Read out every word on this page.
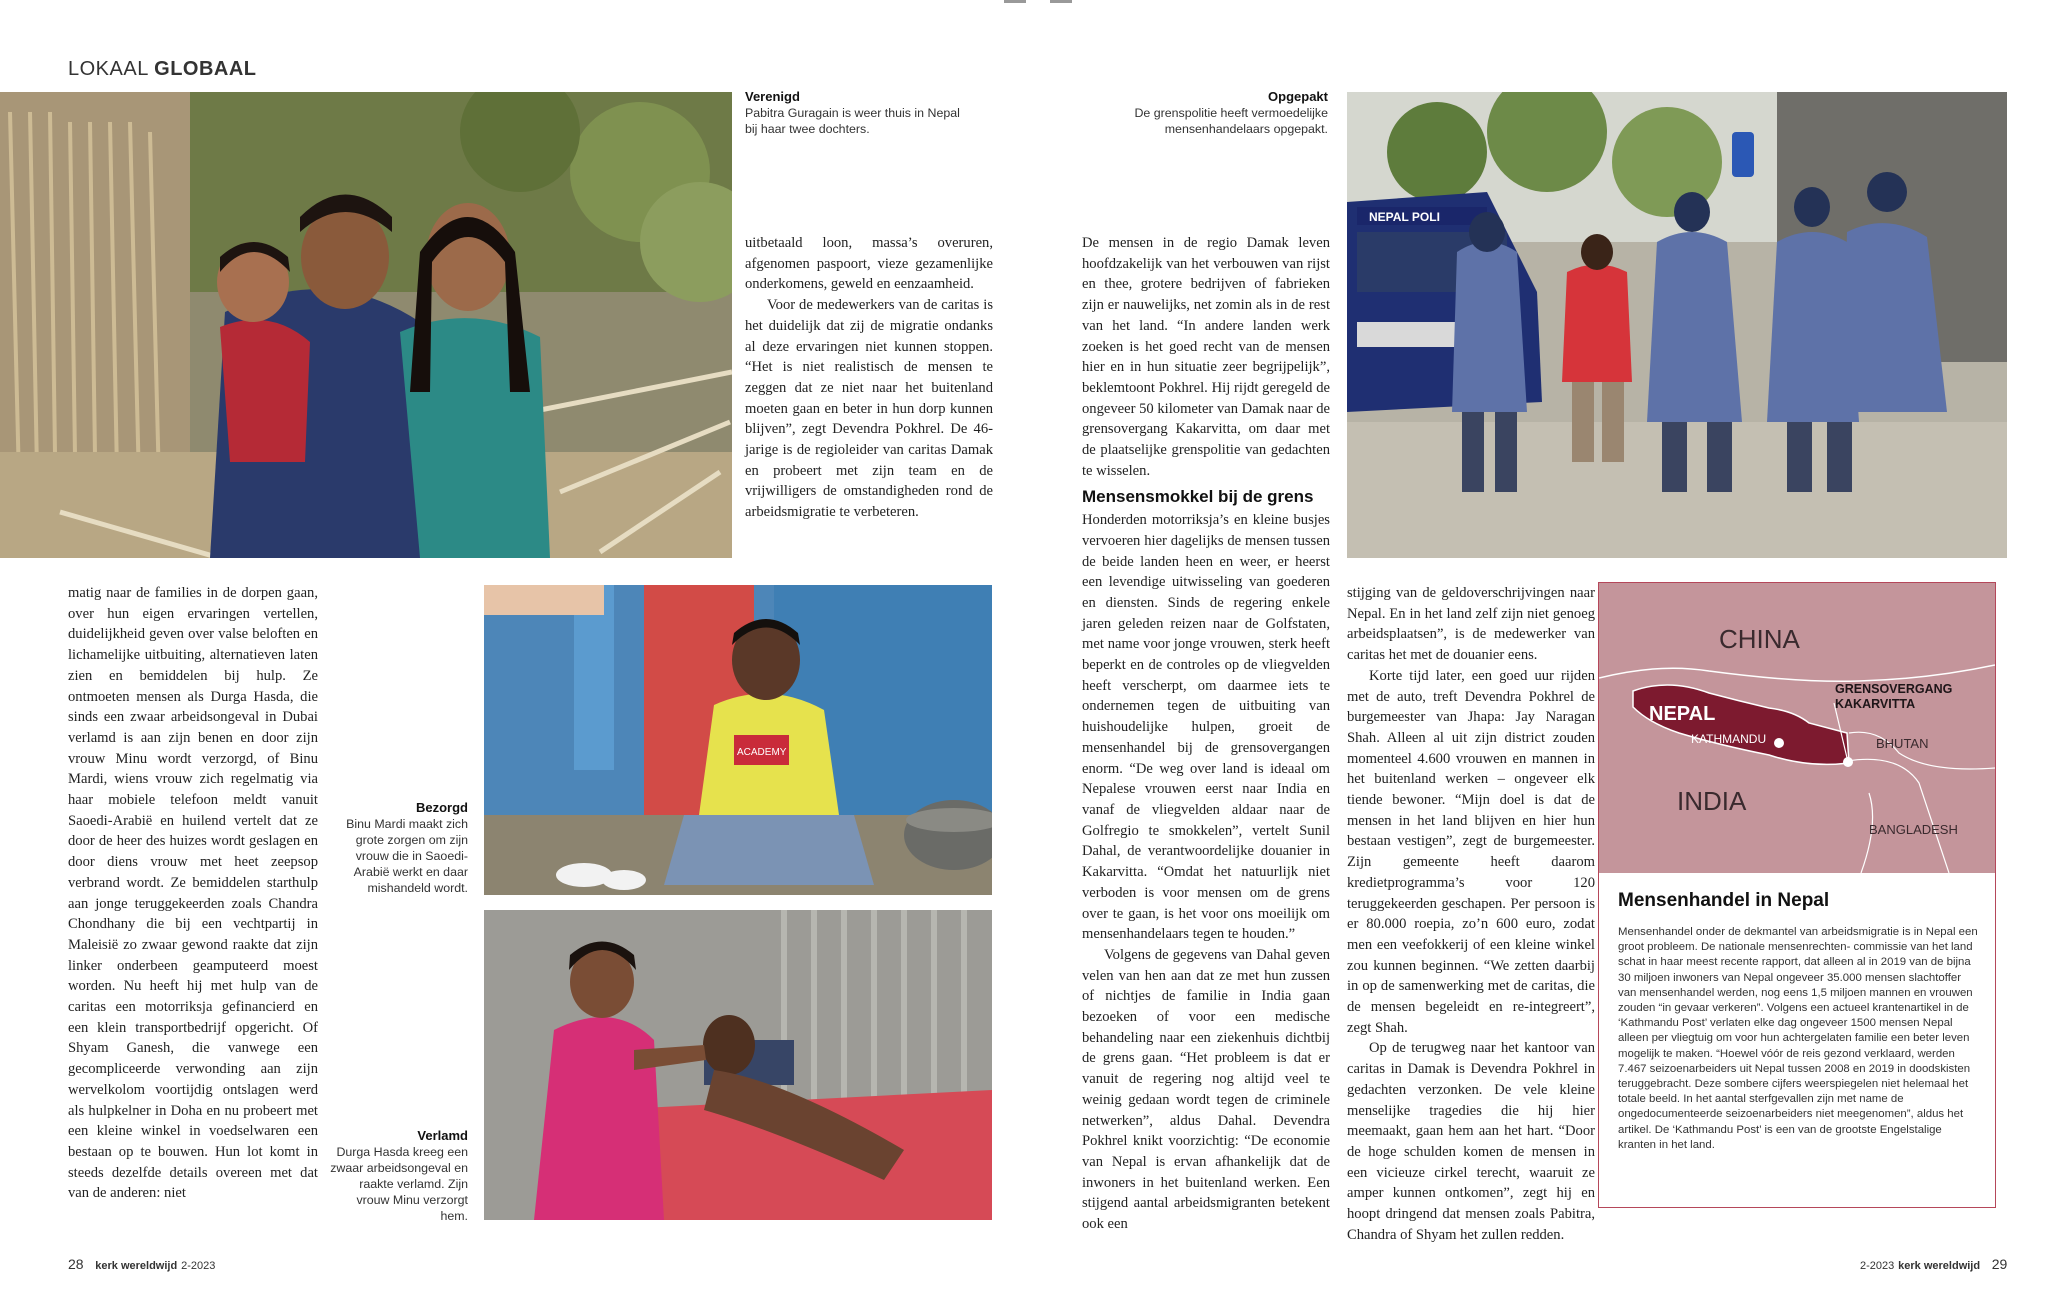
LOKAAL GLOBAAL
Verenigd
Pabitra Guragain is weer thuis in Nepal bij haar twee dochters.

uitbetaald loon, massa’s overuren, afgenomen paspoort, vieze gezamenlijke onderkomens, geweld en eenzaamheid.

Voor de medewerkers van de caritas is het duidelijk dat zij de migratie ondanks al deze ervaringen niet kunnen stoppen. “Het is niet realistisch de mensen te zeggen dat ze niet naar het buitenland moeten gaan en beter in hun dorp kunnen blijven”, zegt Devendra Pokhrel. De 46-jarige is de regioleider van caritas Damak en probeert met zijn team en de vrijwilligers de omstandigheden rond de arbeidsmigratie te verbeteren.

matig naar de families in de dorpen gaan, over hun eigen ervaringen vertellen, duidelijkheid geven over valse beloften en lichamelijke uitbuiting, alternatieven laten zien en bemiddelen bij hulp. Ze ontmoeten mensen als Durga Hasda, die sinds een zwaar arbeidsongeval in Dubai verlamd is aan zijn benen en door zijn vrouw Minu wordt verzorgd, of Binu Mardi, wiens vrouw zich regelmatig via haar mobiele telefoon meldt vanuit Saoedi-Arabië en huilend vertelt dat ze door de heer des huizes wordt geslagen en door diens vrouw met heet zeepsop verbrand wordt. Ze bemiddelen starthulp aan jonge teruggekeerden zoals Chandra Chondhany die bij een vechtpartij in Maleisië zo zwaar gewond raakte dat zijn linker onderbeen geamputeerd moest worden. Nu heeft hij met hulp van de caritas een motorriksja gefinancierd en een klein transportbedrijf opgericht. Of Shyam Ganesh, die vanwege een gecompliceerde verwonding aan zijn wervelkolom voortijdig ontslagen werd als hulpkelner in Doha en nu probeert met een kleine winkel in voedselwaren een bestaan op te bouwen. Hun lot komt in steeds dezelfde details overeen met dat van de anderen: niet

ACADEMY
Bezorgd
Binu Mardi maakt zich grote zorgen om zijn vrouw die in Saoedi-Arabië werkt en daar mishandeld wordt.
Verlamd
Durga Hasda kreeg een zwaar arbeidsongeval en raakte verlamd. Zijn vrouw Minu verzorgt hem.
Opgepakt
De grenspolitie heeft vermoedelijke mensenhandelaars opgepakt.
NEPAL POLI

De mensen in de regio Damak leven hoofdzakelijk van het verbouwen van rijst en thee, grotere bedrijven of fabrieken zijn er nauwelijks, net zomin als in de rest van het land. “In andere landen werk zoeken is het goed recht van de mensen hier en in hun situatie zeer begrijpelijk”, beklemtoont Pokhrel. Hij rijdt geregeld de ongeveer 50 kilometer van Damak naar de grensovergang Kakarvitta, om daar met de plaatselijke grenspolitie van gedachten te wisselen.

Mensensmokkel bij de grens

Honderden motorriksja’s en kleine busjes vervoeren hier dagelijks de mensen tussen de beide landen heen en weer, er heerst een levendige uitwisseling van goederen en diensten. Sinds de regering enkele jaren geleden reizen naar de Golfstaten, met name voor jonge vrouwen, sterk heeft beperkt en de controles op de vliegvelden heeft verscherpt, om daarmee iets te ondernemen tegen de uitbuiting van huishoudelijke hulpen, groeit de mensenhandel bij de grensovergangen enorm. “De weg over land is ideaal om Nepalese vrouwen eerst naar India en vanaf de vliegvelden aldaar naar de Golfregio te smokkelen”, vertelt Sunil Dahal, de verantwoordelijke douanier in Kakarvitta. “Omdat het natuurlijk niet verboden is voor mensen om de grens over te gaan, is het voor ons moeilijk om mensenhandelaars tegen te houden.”

Volgens de gegevens van Dahal geven velen van hen aan dat ze met hun zussen of nichtjes de familie in India gaan bezoeken of voor een medische behandeling naar een ziekenhuis dichtbij de grens gaan. “Het probleem is dat er vanuit de regering nog altijd veel te weinig gedaan wordt tegen de criminele netwerken”, aldus Dahal. Devendra Pokhrel knikt voorzichtig: “De economie van Nepal is ervan afhankelijk dat de inwoners in het buitenland werken. Een stijgend aantal arbeidsmigranten betekent ook een

stijging van de geldoverschrijvingen naar Nepal. En in het land zelf zijn niet genoeg arbeidsplaatsen”, is de medewerker van caritas het met de douanier eens.

Korte tijd later, een goed uur rijden met de auto, treft Devendra Pokhrel de burgemeester van Jhapa: Jay Naragan Shah. Alleen al uit zijn district zouden momenteel 4.600 vrouwen en mannen in het buitenland werken – ongeveer elk tiende bewoner. “Mijn doel is dat de mensen in het land blijven en hier hun bestaan vestigen”, zegt de burgemeester. Zijn gemeente heeft daarom kredietprogramma’s voor 120 teruggekeerden geschapen. Per persoon is er 80.000 roepia, zo’n 600 euro, zodat men een veefokkerij of een kleine winkel zou kunnen beginnen. “We zetten daarbij in op de samenwerking met de caritas, die de mensen begeleidt en re-integreert”, zegt Shah.

Op de terugweg naar het kantoor van caritas in Damak is Devendra Pokhrel in gedachten verzonken. De vele kleine menselijke tragedies die hij hier meemaakt, gaan hem aan het hart. “Door de hoge schulden komen de mensen in een vicieuze cirkel terecht, waaruit ze amper kunnen ontkomen”, zegt hij en hoopt dringend dat mensen zoals Pabitra, Chandra of Shyam het zullen redden.

CHINA
INDIA
NEPAL
KATHMANDU	BHUTAN
BANGLADESH
GRENSOVERGANG
KAKARVITTA
Mensenhandel in Nepal
Mensenhandel onder de dekmantel van arbeidsmigratie is in Nepal een groot probleem. De nationale mensenrechten- commissie van het land schat in haar meest recente rapport, dat alleen al in 2019 van de bijna 30 miljoen inwoners van Nepal ongeveer 35.000 mensen slachtoffer van mensenhandel werden, nog eens 1,5 miljoen mannen en vrouwen zouden “in gevaar verkeren”. Volgens een actueel krantenartikel in de ‘Kathmandu Post’ verlaten elke dag ongeveer 1500 mensen Nepal alleen per vliegtuig om voor hun achtergelaten familie een beter leven mogelijk te maken. “Hoewel vóór de reis gezond verklaard, werden 7.467 seizoenarbeiders uit Nepal tussen 2008 en 2019 in doodskisten teruggebracht. Deze sombere cijfers weerspiegelen niet helemaal het totale beeld. In het aantal sterfgevallen zijn met name de ongedocumenteerde seizoenarbeiders niet meegenomen”, aldus het artikel. De ‘Kathmandu Post’ is een van de grootste Engelstalige kranten in het land.
28 kerk wereldwijd 2-2023	2-2023 kerk wereldwijd 29
